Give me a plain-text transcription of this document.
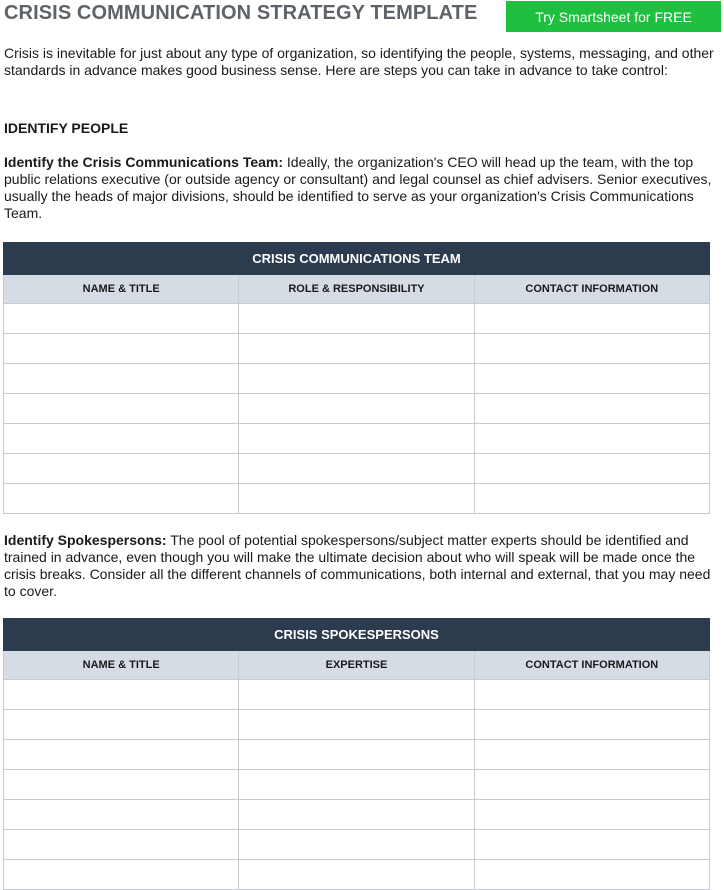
CRISIS COMMUNICATION STRATEGY TEMPLATE	Try Smartsheet for FREE

Crisis is inevitable for just about any type of organization, so identifying the people, systems, messaging, and other standards in advance makes good business sense. Here are steps you can take in advance to take control:

IDENTIFY PEOPLE

Identify the Crisis Communications Team: Ideally, the organization's CEO will head up the team, with the top public relations executive (or outside agency or consultant) and legal counsel as chief advisers. Senior executives, usually the heads of major divisions, should be identified to serve as your organization's Crisis Communications Team.

CRISIS COMMUNICATIONS TEAM		
NAME & TITLE	ROLE & RESPONSIBILITY	CONTACT INFORMATION

Identify Spokespersons: The pool of potential spokespersons/subject matter experts should be identified and trained in advance, even though you will make the ultimate decision about who will speak will be made once the crisis breaks. Consider all the different channels of communications, both internal and external, that you may need to cover.

CRISIS SPOKESPERSONS		
NAME & TITLE	EXPERTISE	CONTACT INFORMATION
